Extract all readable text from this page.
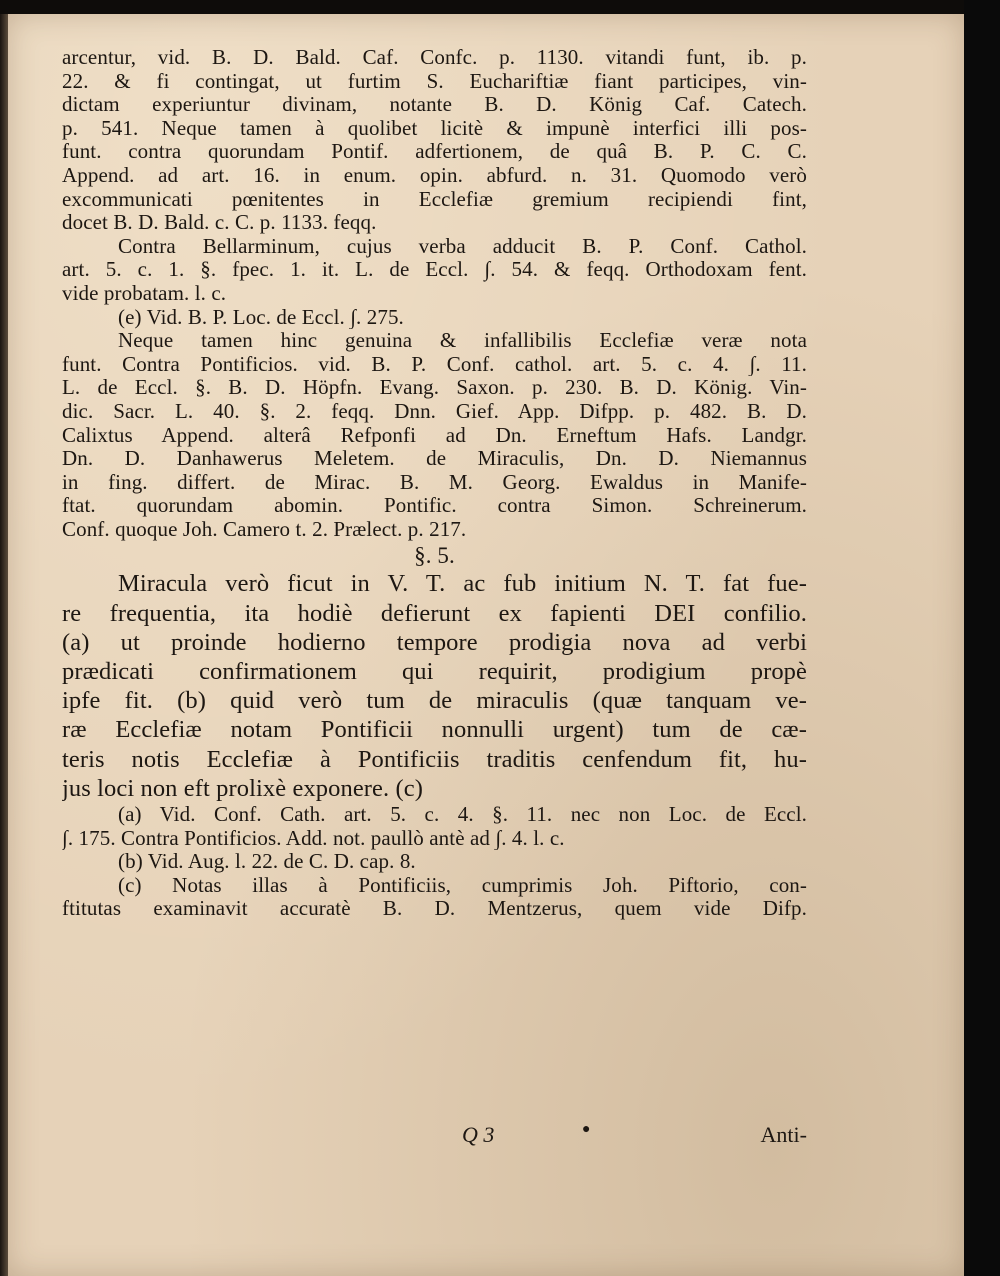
arcentur, vid. B. D. Bald. Caf. Confc. p. 1130. vitandi funt, ib. p.
22. & fi contingat, ut furtim S. Euchariftiæ fiant participes, vin-
dictam experiuntur divinam, notante B. D. König Caf. Catech.
p. 541. Neque tamen à quolibet licitè & impunè interfici illi pos-
funt. contra quorundam Pontif. adfertionem, de quâ B. P. C. C.
Append. ad art. 16. in enum. opin. abfurd. n. 31. Quomodo verò
excommunicati pœnitentes in Ecclefiæ gremium recipiendi fint,
docet B. D. Bald. c. C. p. 1133. feqq.
Contra Bellarminum, cujus verba adducit B. P. Conf. Cathol.
art. 5. c. 1. §. fpec. 1. it. L. de Eccl. ∫. 54. & feqq. Orthodoxam fent.
vide probatam. l. c.
(e) Vid. B. P. Loc. de Eccl. ∫. 275.
Neque tamen hinc genuina & infallibilis Ecclefiæ veræ nota
funt. Contra Pontificios. vid. B. P. Conf. cathol. art. 5. c. 4. ∫. 11.
L. de Eccl. §. B. D. Höpfn. Evang. Saxon. p. 230. B. D. König. Vin-
dic. Sacr. L. 40. §. 2. feqq. Dnn. Gief. App. Difpp. p. 482. B. D.
Calixtus Append. alterâ Refponfi ad Dn. Erneftum Hafs. Landgr.
Dn. D. Danhawerus Meletem. de Miraculis, Dn. D. Niemannus
in fing. differt. de Mirac. B. M. Georg. Ewaldus in Manife-
ftat. quorundam abomin. Pontific. contra Simon. Schreinerum.
Conf. quoque Joh. Camero t. 2. Prælect. p. 217.
§. 5.
Miracula verò ficut in V. T. ac fub initium N. T. fat fue-
re frequentia, ita hodiè defierunt ex fapienti DEI confilio.
(a) ut proinde hodierno tempore prodigia nova ad verbi
prædicati confirmationem qui requirit, prodigium propè
ipfe fit. (b) quid verò tum de miraculis (quæ tanquam ve-
ræ Ecclefiæ notam Pontificii nonnulli urgent) tum de cæ-
teris notis Ecclefiæ à Pontificiis traditis cenfendum fit, hu-
jus loci non eft prolixè exponere. (c)
(a) Vid. Conf. Cath. art. 5. c. 4. §. 11. nec non Loc. de Eccl.
∫. 175. Contra Pontificios. Add. not. paullò antè ad ∫. 4. l. c.
(b) Vid. Aug. l. 22. de C. D. cap. 8.
(c) Notas illas à Pontificiis, cumprimis Joh. Piftorio, con-
ftitutas examinavit accuratè B. D. Mentzerus, quem vide Difp.
Q 3	●	Anti-
